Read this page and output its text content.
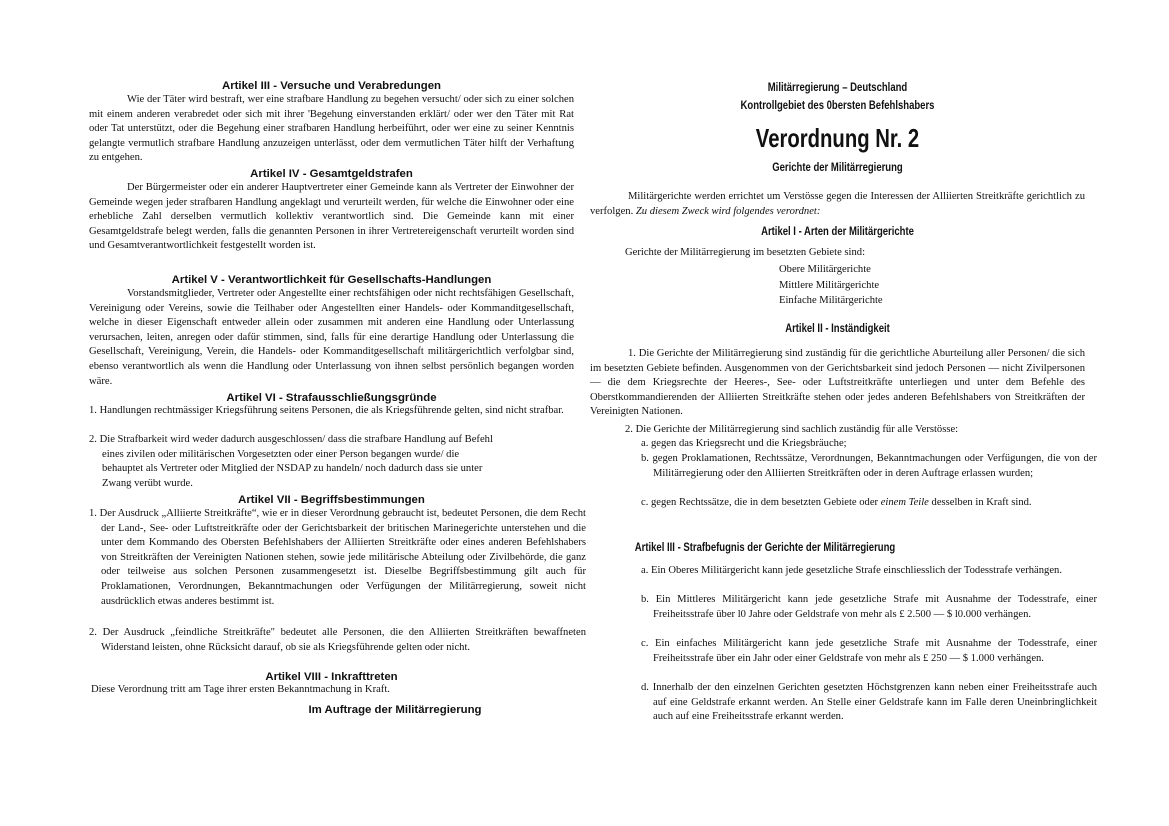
Artikel III - Versuche und Verabredungen

Wie der Täter wird bestraft, wer eine strafbare Handlung zu begehen versucht/ oder sich zu einer solchen mit einem anderen verabredet oder sich mit ihrer 'Begehung einverstanden erklärt/ oder wer den Täter mit Rat oder Tat unterstützt, oder die Begehung einer strafbaren Handlung herbeiführt, oder wer eine zu seiner Kenntnis gelangte vermutlich strafbare Handlung anzuzeigen unterlässt, oder dem vermutlichen Täter hilft der Verhaftung zu entgehen.

Artikel IV - Gesamtgeldstrafen

Der Bürgermeister oder ein anderer Hauptvertreter einer Gemeinde kann als Vertreter der Einwohner der Gemeinde wegen jeder strafbaren Handlung angeklagt und verurteilt werden, für welche die Einwohner oder eine erhebliche Zahl derselben vermutlich kollektiv verantwortlich sind. Die Gemeinde kann mit einer Gesamtgeldstrafe belegt werden, falls die genannten Personen in ihrer Vertretereigenschaft verurteilt worden sind und Gesamtverantwortlichkeit festgestellt worden ist.

Artikel V - Verantwortlichkeit für Gesellschafts-Handlungen

Vorstandsmitglieder, Vertreter oder Angestellte einer rechtsfähigen oder nicht rechtsfähigen Gesellschaft, Vereinigung oder Vereins, sowie die Teilhaber oder Angestellten einer Handels- oder Kommanditgesellschaft, welche in dieser Eigenschaft entweder allein oder zusammen mit anderen eine Handlung oder Unterlassung verursachen, leiten, anregen oder dafür stimmen, sind, falls für eine derartige Handlung oder Unterlassung die Gesellschaft, Vereinigung, Verein, die Handels- oder Kommanditgesellschaft militärgerichtlich verfolgbar sind, ebenso verantwortlich als wenn die Handlung oder Unterlassung von ihnen selbst persönlich begangen worden wäre.

Artikel VI - Strafausschließungsgründe

1. Handlungen rechtmässiger Kriegsführung seitens Personen, die als Kriegsführende gelten, sind nicht strafbar.

2. Die Strafbarkeit wird weder dadurch ausgeschlossen/ dass die strafbare Handlung auf Befehl
eines zivilen oder militärischen Vorgesetzten oder einer Person begangen wurde/ die
behauptet als Vertreter oder Mitglied der NSDAP zu handeln/ noch dadurch dass sie unter
Zwang verübt wurde.

Artikel VII - Begriffsbestimmungen

1. Der Ausdruck „Alliierte Streitkräfte“, wie er in dieser Verordnung gebraucht ist, bedeutet Personen, die dem Recht der Land-, See- oder Luftstreitkräfte oder der Gerichtsbarkeit der britischen Marinegerichte unterstehen und die unter dem Kommando des Obersten Befehlshabers der Alliierten Streitkräfte oder eines anderen Befehlshabers von Streitkräften der Vereinigten Nationen stehen, sowie jede militärische Abteilung oder Zivilbehörde, die ganz oder teilweise aus solchen Personen zusammengesetzt ist. Dieselbe Begriffsbestimmung gilt auch für Proklamationen, Verordnungen, Bekanntmachungen oder Verfügungen der Militärregierung, soweit nicht ausdrücklich etwas anderes bestimmt ist.

2. Der Ausdruck „feindliche Streitkräfte" bedeutet alle Personen, die den Alliierten Streitkräften bewaffneten Widerstand leisten, ohne Rücksicht darauf, ob sie als Kriegsführende gelten oder nicht.

Artikel VIII - Inkrafttreten

Diese Verordnung tritt am Tage ihrer ersten Bekanntmachung in Kraft.

Im Auftrage der Militärregierung

Militärregierung – Deutschland

Kontrollgebiet des 0bersten Befehlshabers

Verordnung Nr. 2

Gerichte der Militärregierung

Militärgerichte werden errichtet um Verstösse gegen die Interessen der Alliierten Streitkräfte gerichtlich zu verfolgen. Zu diesem Zweck wird folgendes verordnet:

Artikel I - Arten der Militärgerichte

Gerichte der Militärregierung im besetzten Gebiete sind:

Obere Militärgerichte
Mittlere Militärgerichte
Einfache Militärgerichte

Artikel II - Inständigkeit

1. Die Gerichte der Militärregierung sind zuständig für die gerichtliche Aburteilung aller Personen/ die sich im besetzten Gebiete befinden. Ausgenommen von der Gerichtsbarkeit sind jedoch Personen — nicht Zivilpersonen — die dem Kriegsrechte der Heeres-, See- oder Luftstreitkräfte unterliegen und unter dem Befehle des Oberstkommandierenden der Alliierten Streitkräfte stehen oder jedes anderen Befehlshabers von Streitkräften der Vereinigten Nationen.

2. Die Gerichte der Militärregierung sind sachlich zuständig für alle Verstösse:

a. gegen das Kriegsrecht und die Kriegsbräuche;

b. gegen Proklamationen, Rechtssätze, Verordnungen, Bekanntmachungen oder Verfügungen, die von der Militärregierung oder den Alliierten Streitkräften oder in deren Auftrage erlassen wurden;

c. gegen Rechtssätze, die in dem besetzten Gebiete oder einem Teile desselben in Kraft sind.

Artikel III - Strafbefugnis der Gerichte der Militärregierung

a. Ein Oberes Militärgericht kann jede gesetzliche Strafe einschliesslich der Todesstrafe verhängen.

b. Ein Mittleres Militärgericht kann jede gesetzliche Strafe mit Ausnahme der Todesstrafe, einer Freiheitsstrafe über l0 Jahre oder Geldstrafe von mehr als £ 2.500 — $ l0.000 verhängen.

c. Ein einfaches Militärgericht kann jede gesetzliche Strafe mit Ausnahme der Todesstrafe, einer Freiheitsstrafe über ein Jahr oder einer Geldstrafe von mehr als £ 250 — $ 1.000 verhängen.

d. Innerhalb der den einzelnen Gerichten gesetzten Höchstgrenzen kann neben einer Freiheitsstrafe auch auf eine Geldstrafe erkannt werden. An Stelle einer Geldstrafe kann im Falle deren Uneinbringlichkeit auch auf eine Freiheitsstrafe erkannt werden.
